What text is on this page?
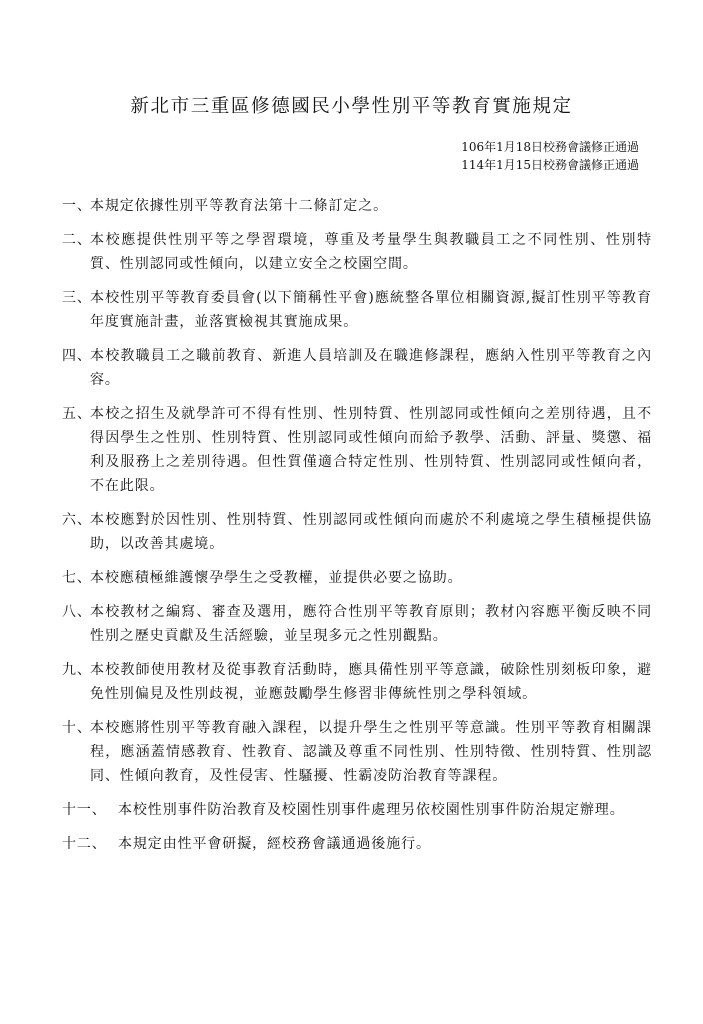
新北市三重區修德國民小學性別平等教育實施規定
106年1月18日校務會議修正通過
114年1月15日校務會議修正通過
一、
本規定依據性別平等教育法第十二條訂定之。
二、
本校應提供性別平等之學習環境，尊重及考量學生與教職員工之不同性別、性別特質、性別認同或性傾向，以建立安全之校園空間。
三、
本校性別平等教育委員會(以下簡稱性平會)應統整各單位相關資源,擬訂性別平等教育年度實施計畫，並落實檢視其實施成果。
四、
本校教職員工之職前教育、新進人員培訓及在職進修課程，應納入性別平等教育之內容。
五、
本校之招生及就學許可不得有性別、性別特質、性別認同或性傾向之差別待遇，且不得因學生之性別、性別特質、性別認同或性傾向而給予教學、活動、評量、獎懲、福利及服務上之差別待遇。但性質僅適合特定性別、性別特質、性別認同或性傾向者，不在此限。
六、
本校應對於因性別、性別特質、性別認同或性傾向而處於不利處境之學生積極提供協助，以改善其處境。
七、
本校應積極維護懷孕學生之受教權，並提供必要之協助。
八、
本校教材之編寫、審查及選用，應符合性別平等教育原則；教材內容應平衡反映不同性別之歷史貢獻及生活經驗，並呈現多元之性別觀點。
九、
本校教師使用教材及從事教育活動時，應具備性別平等意識，破除性別刻板印象，避免性別偏見及性別歧視，並應鼓勵學生修習非傳統性別之學科領域。
十、
本校應將性別平等教育融入課程，以提升學生之性別平等意識。性別平等教育相關課程，應涵蓋情感教育、性教育、認識及尊重不同性別、性別特徵、性別特質、性別認同、性傾向教育，及性侵害、性騷擾、性霸凌防治教育等課程。
十一、 本校性別事件防治教育及校園性別事件處理另依校園性別事件防治規定辦理。
十二、 本規定由性平會研擬，經校務會議通過後施行。
